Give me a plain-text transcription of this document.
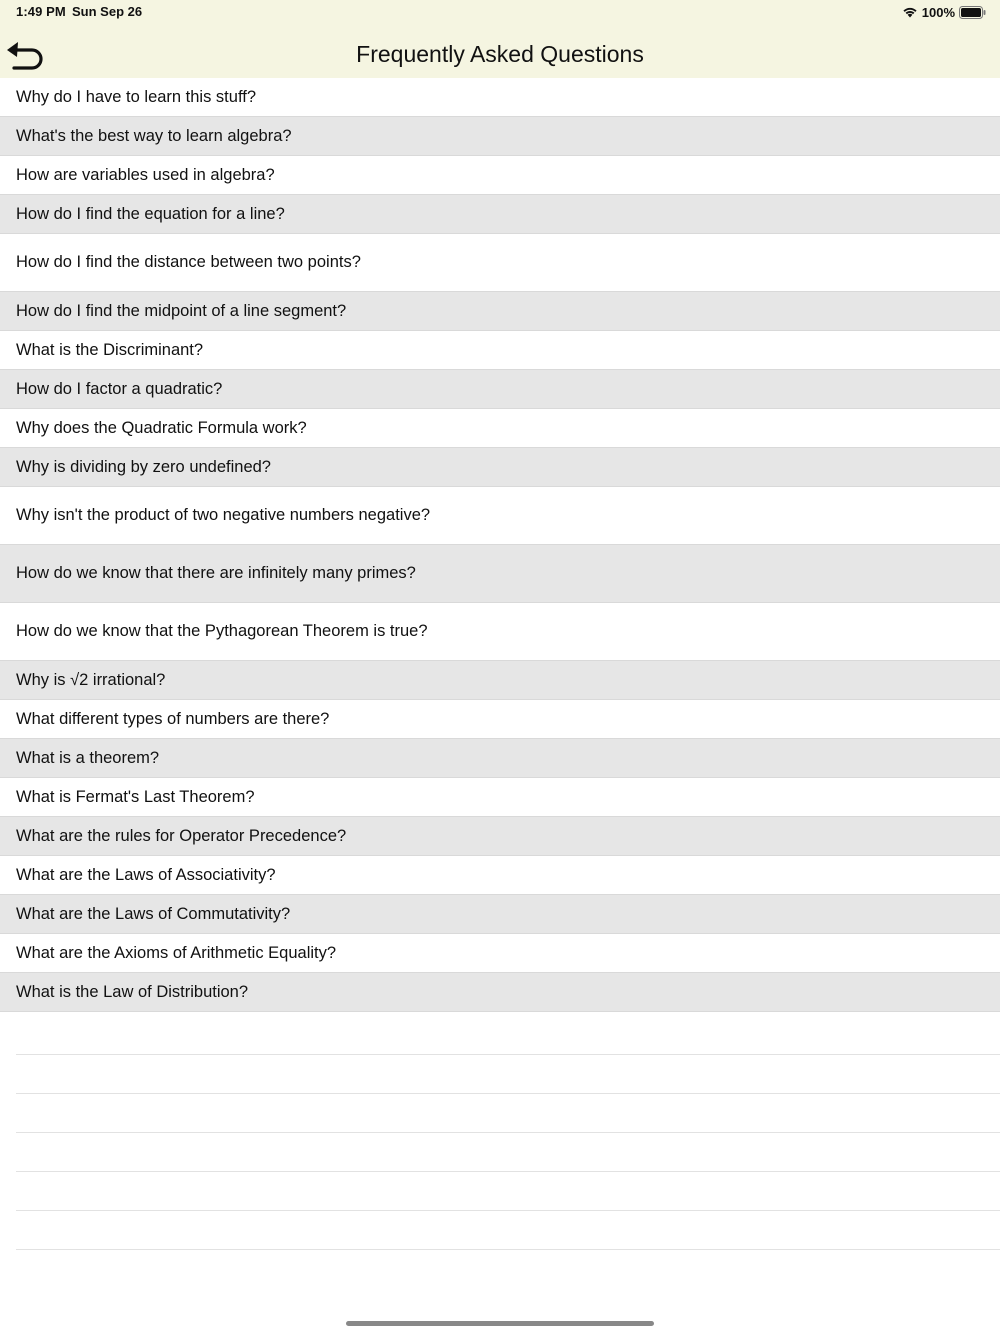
1:49 PM Sun Sep 26	100%
Frequently Asked Questions
Why do I have to learn this stuff?
What's the best way to learn algebra?
How are variables used in algebra?
How do I find the equation for a line?
How do I find the distance between two points?
How do I find the midpoint of a line segment?
What is the Discriminant?
How do I factor a quadratic?
Why does the Quadratic Formula work?
Why is dividing by zero undefined?
Why isn't the product of two negative numbers negative?
How do we know that there are infinitely many primes?
How do we know that the Pythagorean Theorem is true?
Why is √2 irrational?
What different types of numbers are there?
What is a theorem?
What is Fermat's Last Theorem?
What are the rules for Operator Precedence?
What are the Laws of Associativity?
What are the Laws of Commutativity?
What are the Axioms of Arithmetic Equality?
What is the Law of Distribution?
